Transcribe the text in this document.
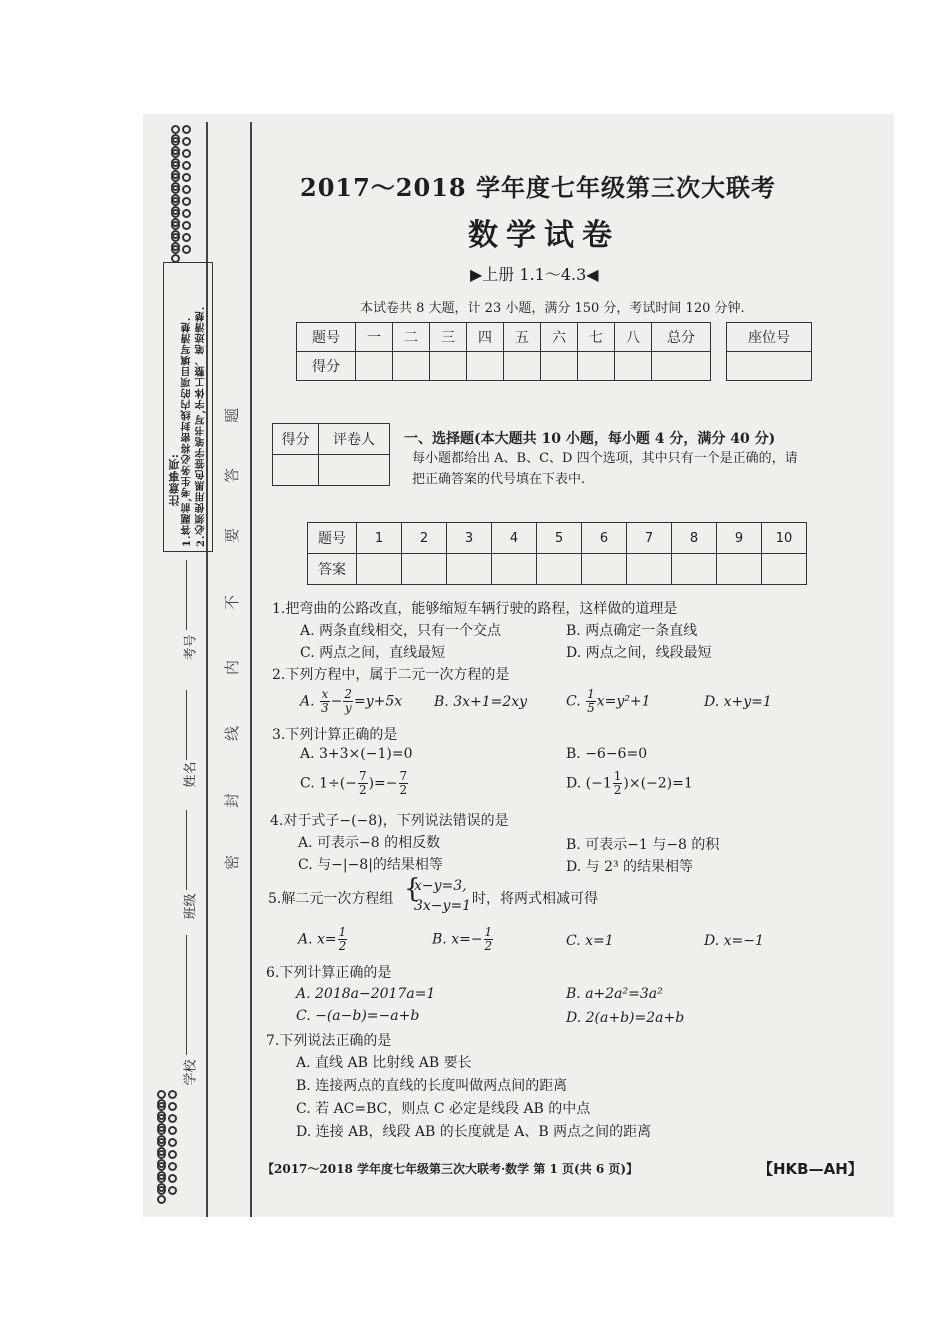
注意事项: 1.答题前,考生务必将密封线内的项目填写清楚. 2.必须使用黑色签字笔书写,字体工整、笔迹清楚. 题
答
要
不
内
线
封
密
考号
姓名
班级
学校
2017～2018 学年度七年级第三次大联考
数学试卷
▶上册 1.1～4.3◀
本试卷共 8 大题，计 23 小题，满分 150 分，考试时间 120 分钟.
题号	一	二	三	四	五	六	七	八	总分
得分									
座位号

得分	评卷人
	一、选择题(本大题共 10 小题，每小题 4 分，满分 40 分)
每小题都给出 A、B、C、D 四个选项，其中只有一个是正确的，请
把正确答案的代号填在下表中.
题号	1	2	3	4	5	6	7	8	9	10
答案										
1.把弯曲的公路改直，能够缩短车辆行驶的路程，这样做的道理是
A. 两条直线相交，只有一个交点	B. 两点确定一条直线
C. 两点之间，直线最短	D. 两点之间，线段最短
2.下列方程中，属于二元一次方程的是
A. $\frac{x}{3} - \frac{2}{y} =y+5x$ B. 3x+1=2xy	C. $\frac{1}{5} x=y^2+1$	D. x+y=1
3.下列计算正确的是
A. 3+3×(−1)=0	B. −6−6=0
C. $1\div(- \frac{7}{2}$ )=− $\frac{7}{2}$	D. $(-1 \frac{1}{2} )\times(-2)=1$
4.对于式子−(−8)，下列说法错误的是
A. 可表示−8 的相反数	B. 可表示−1 与−8 的积
C. 与−|−8|的结果相等	D. 与 2³ 的结果相等
5.解二元一次方程组 {
x−y=3,
3x−y=1 时，将两式相减可得
A. $x= \frac{1}{2}$	B. $x=- \frac{1}{2}$	C. x=1	D. x=−1
6.下列计算正确的是
A. 2018a−2017a=1	B. a+2a²=3a²
C. −(a−b)=−a+b	D. 2(a+b)=2a+b
7.下列说法正确的是
A. 直线 AB 比射线 AB 要长
B. 连接两点的直线的长度叫做两点间的距离
C. 若 AC=BC，则点 C 必定是线段 AB 的中点
D. 连接 AB，线段 AB 的长度就是 A、B 两点之间的距离
【2017～2018 学年度七年级第三次大联考·数学 第 1 页(共 6 页)】	【HKB—AH】
